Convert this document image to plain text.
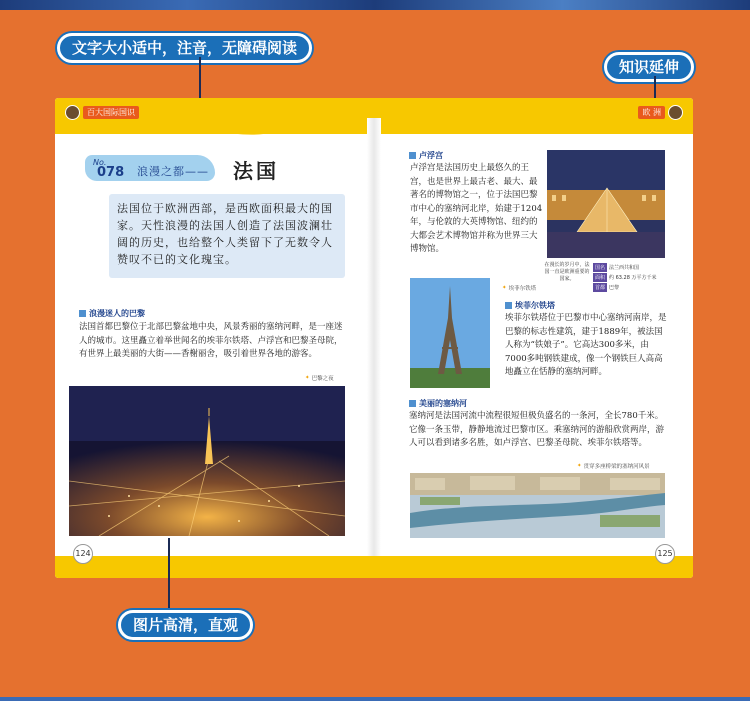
文字大小适中，注音，无障碍阅读
知识延伸
百大国际国识	欧 洲
No.
078 浪漫之都—— 法国
法国位于欧洲西部，是西欧面积最大的国家。天性浪漫的法国人创造了法国波澜壮阔的历史，也给整个人类留下了无数令人赞叹不已的文化瑰宝。
浪漫迷人的巴黎
法国首都巴黎位于北部巴黎盆地中央，风景秀丽的塞纳河畔，是一座迷人的城市。这里矗立着举世闻名的埃菲尔铁塔、卢浮宫和巴黎圣母院，有世界上最美丽的大街——香榭丽舍，吸引着世界各地的游客。
✦ 巴黎之夜
124
卢浮宫
卢浮宫是法国历史上最悠久的王宫，也是世界上最古老、最大、最著名的博物馆之一，位于法国巴黎市中心的塞纳河北岸，始建于1204年，与伦敦的大英博物馆、纽约的大都会艺术博物馆并称为世界三大博物馆。
在漫长的岁月中，法国一直是欧洲重要的国家。
国名 法兰西共和国
面积 约 63.28 万平方千米
首都 巴黎
✦ 埃菲尔铁塔
埃菲尔铁塔
埃菲尔铁塔位于巴黎市中心塞纳河南岸，是巴黎的标志性建筑，建于1889年，被法国人称为“铁娘子”。它高达300多米，由7000多吨钢铁建成，像一个钢铁巨人高高地矗立在恬静的塞纳河畔。
美丽的塞纳河
塞纳河是法国河流中流程很短但极负盛名的一条河，全长780千米。它像一条玉带，静静地流过巴黎市区。乘塞纳河的游船欣赏两岸，游人可以看到诸多名胜，如卢浮宫、巴黎圣母院、埃菲尔铁塔等。
✦ 贯穿多座桥梁的塞纳河风景
125
图片高清，直观
